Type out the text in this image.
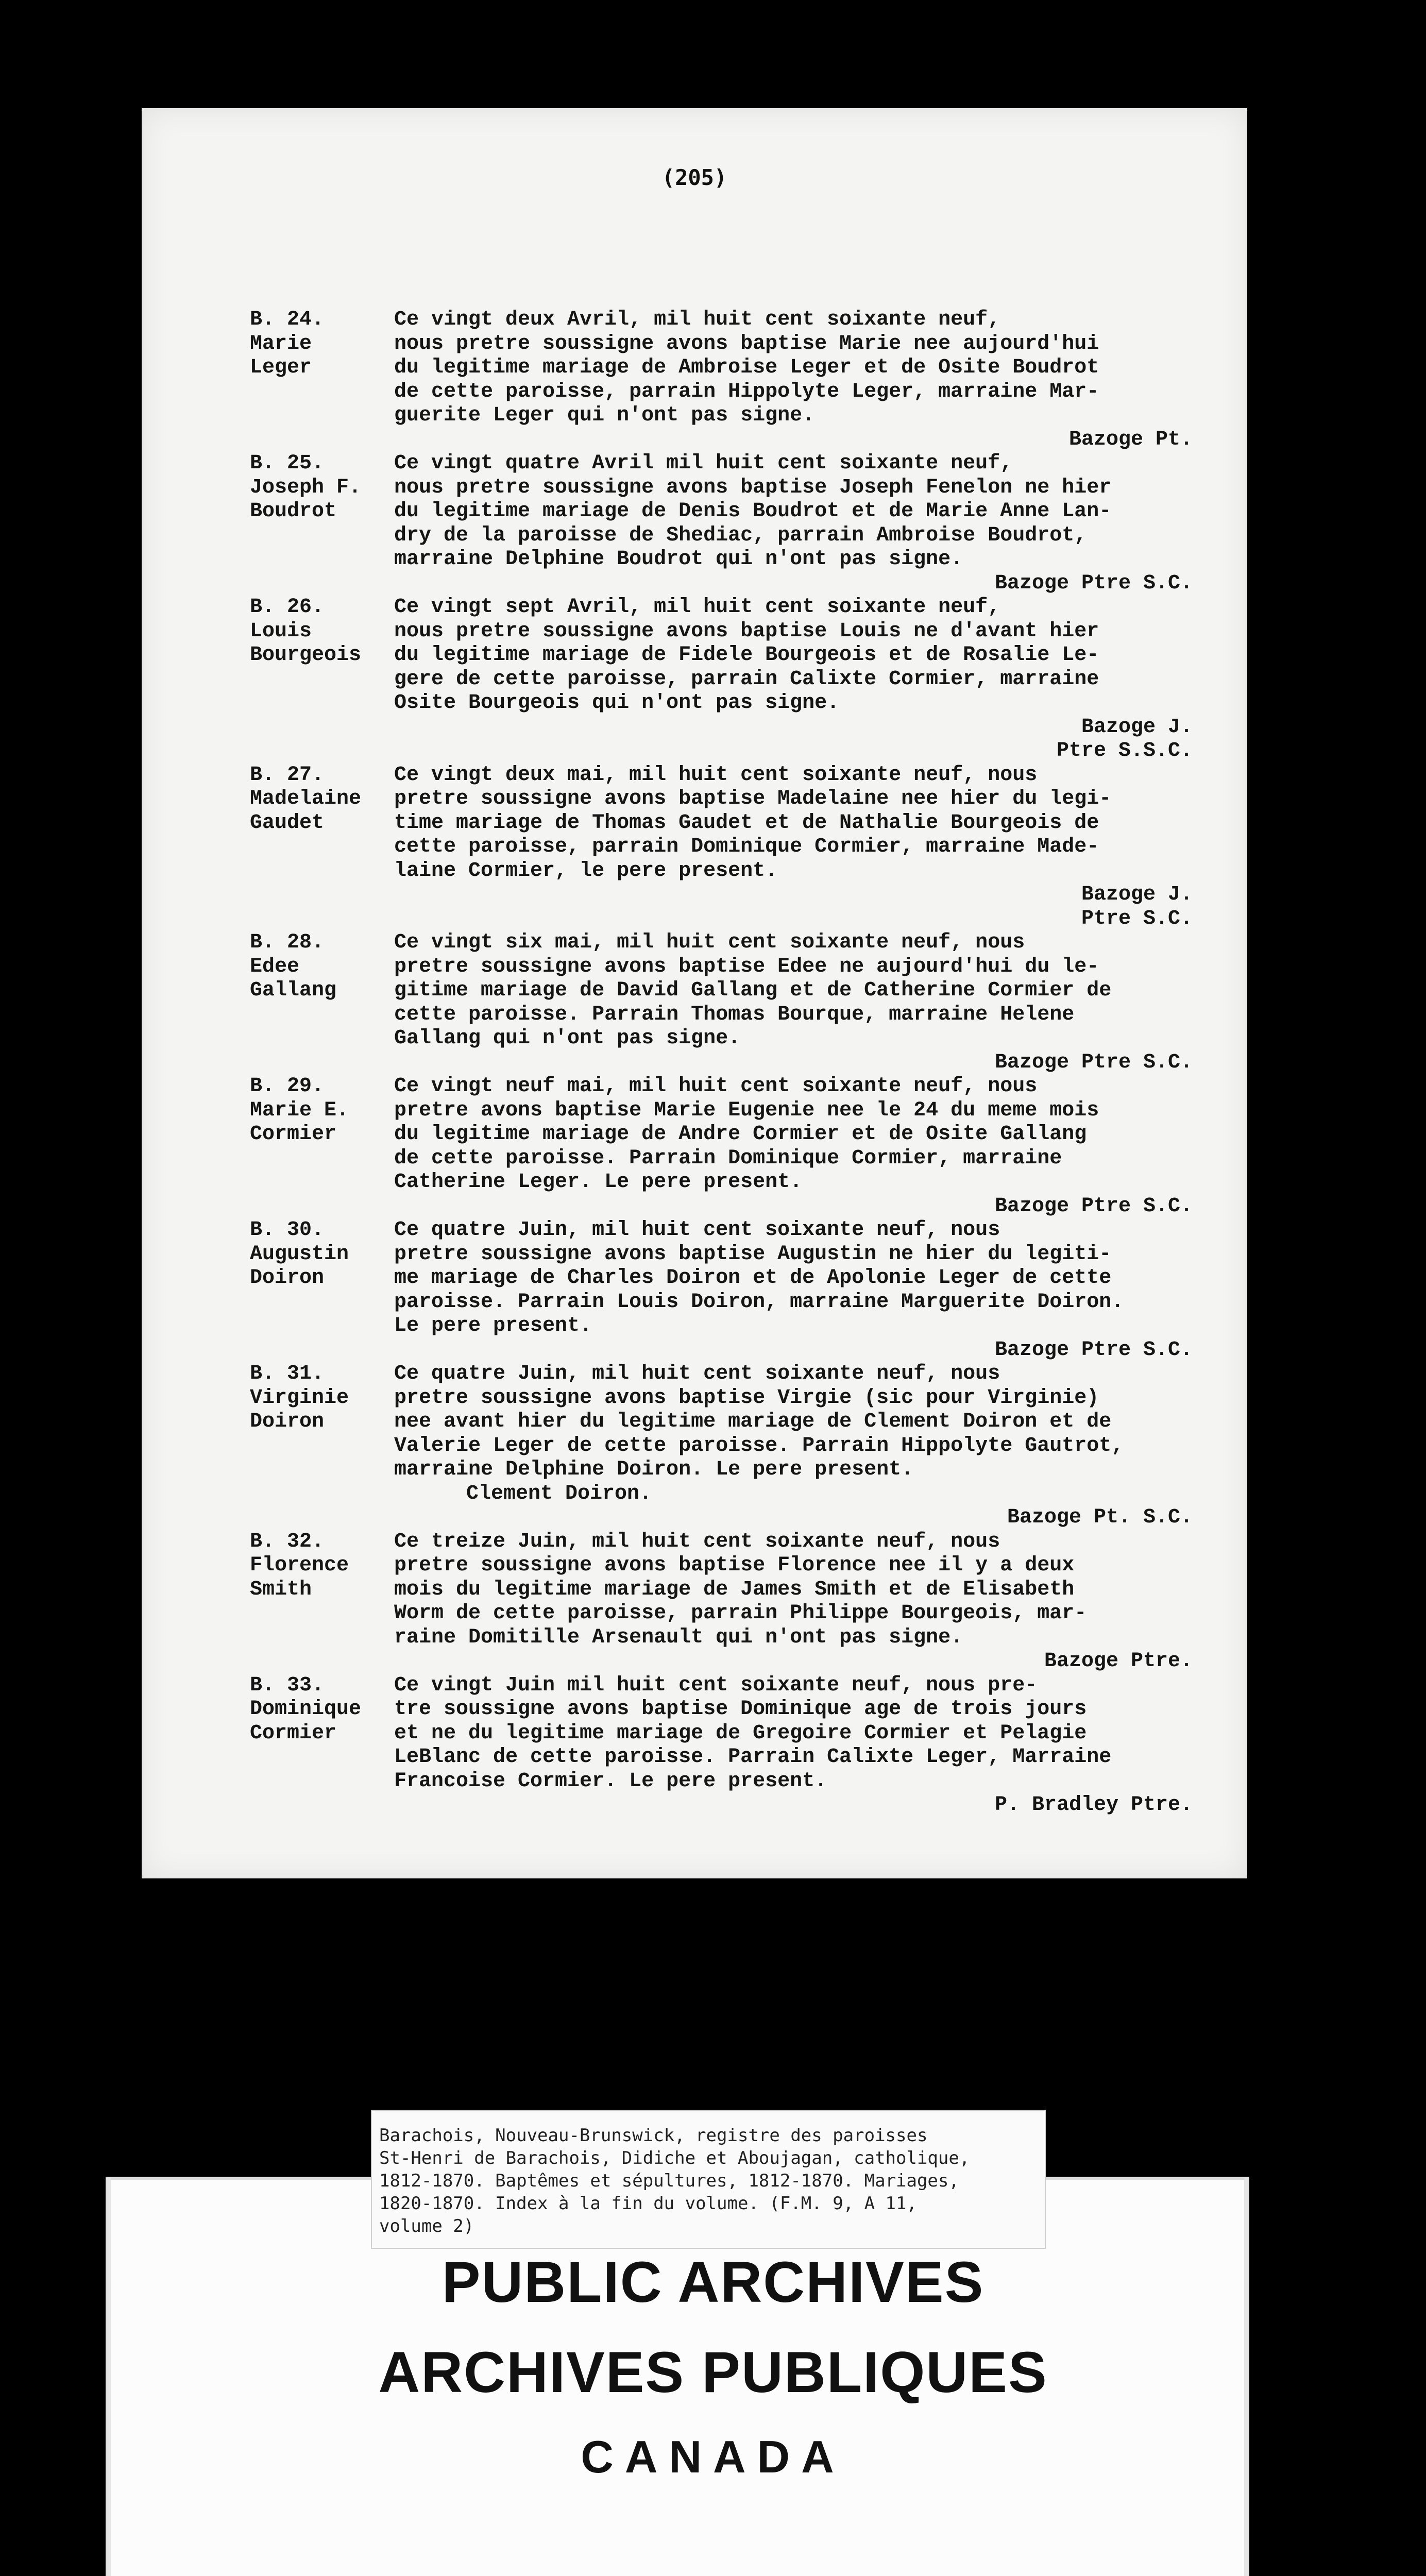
(205)
B. 24.
Marie
Leger
Ce vingt deux Avril, mil huit cent soixante neuf,
nous pretre soussigne avons baptise Marie nee aujourd'hui
du legitime mariage de Ambroise Leger et de Osite Boudrot
de cette paroisse, parrain Hippolyte Leger, marraine Mar-
guerite Leger qui n'ont pas signe.
Bazoge Pt.
B. 25.
Joseph F.
Boudrot
Ce vingt quatre Avril mil huit cent soixante neuf,
nous pretre soussigne avons baptise Joseph Fenelon ne hier
du legitime mariage de Denis Boudrot et de Marie Anne Lan-
dry de la paroisse de Shediac, parrain Ambroise Boudrot,
marraine Delphine Boudrot qui n'ont pas signe.
Bazoge Ptre S.C.
B. 26.
Louis
Bourgeois
Ce vingt sept Avril, mil huit cent soixante neuf,
nous pretre soussigne avons baptise Louis ne d'avant hier
du legitime mariage de Fidele Bourgeois et de Rosalie Le-
gere de cette paroisse, parrain Calixte Cormier, marraine
Osite Bourgeois qui n'ont pas signe.
Bazoge J.
Ptre S.S.C.
B. 27.
Madelaine
Gaudet
Ce vingt deux mai, mil huit cent soixante neuf, nous
pretre soussigne avons baptise Madelaine nee hier du legi-
time mariage de Thomas Gaudet et de Nathalie Bourgeois de
cette paroisse, parrain Dominique Cormier, marraine Made-
laine Cormier, le pere present.
Bazoge J.
Ptre S.C.
B. 28.
Edee
Gallang
Ce vingt six mai, mil huit cent soixante neuf, nous
pretre soussigne avons baptise Edee ne aujourd'hui du le-
gitime mariage de David Gallang et de Catherine Cormier de
cette paroisse. Parrain Thomas Bourque, marraine Helene
Gallang qui n'ont pas signe.
Bazoge Ptre S.C.
B. 29.
Marie E.
Cormier
Ce vingt neuf mai, mil huit cent soixante neuf, nous
pretre avons baptise Marie Eugenie nee le 24 du meme mois
du legitime mariage de Andre Cormier et de Osite Gallang
de cette paroisse. Parrain Dominique Cormier, marraine
Catherine Leger. Le pere present.
Bazoge Ptre S.C.
B. 30.
Augustin
Doiron
Ce quatre Juin, mil huit cent soixante neuf, nous
pretre soussigne avons baptise Augustin ne hier du legiti-
me mariage de Charles Doiron et de Apolonie Leger de cette
paroisse. Parrain Louis Doiron, marraine Marguerite Doiron.
Le pere present.
Bazoge Ptre S.C.
B. 31.
Virginie
Doiron
Ce quatre Juin, mil huit cent soixante neuf, nous
pretre soussigne avons baptise Virgie (sic pour Virginie)
nee avant hier du legitime mariage de Clement Doiron et de
Valerie Leger de cette paroisse. Parrain Hippolyte Gautrot,
marraine Delphine Doiron. Le pere present.
Clement Doiron.
Bazoge Pt. S.C.
B. 32.
Florence
Smith
Ce treize Juin, mil huit cent soixante neuf, nous
pretre soussigne avons baptise Florence nee il y a deux
mois du legitime mariage de James Smith et de Elisabeth
Worm de cette paroisse, parrain Philippe Bourgeois, mar-
raine Domitille Arsenault qui n'ont pas signe.
Bazoge Ptre.
B. 33.
Dominique
Cormier
Ce vingt Juin mil huit cent soixante neuf, nous pre-
tre soussigne avons baptise Dominique age de trois jours
et ne du legitime mariage de Gregoire Cormier et Pelagie
LeBlanc de cette paroisse. Parrain Calixte Leger, Marraine
Francoise Cormier. Le pere present.
P. Bradley Ptre.
Barachois, Nouveau-Brunswick, registre des paroisses
St-Henri de Barachois, Didiche et Aboujagan, catholique,
1812-1870. Baptêmes et sépultures, 1812-1870. Mariages,
1820-1870. Index à la fin du volume. (F.M. 9, A 11,
volume 2)
PUBLIC ARCHIVES
ARCHIVES PUBLIQUES
CANADA
